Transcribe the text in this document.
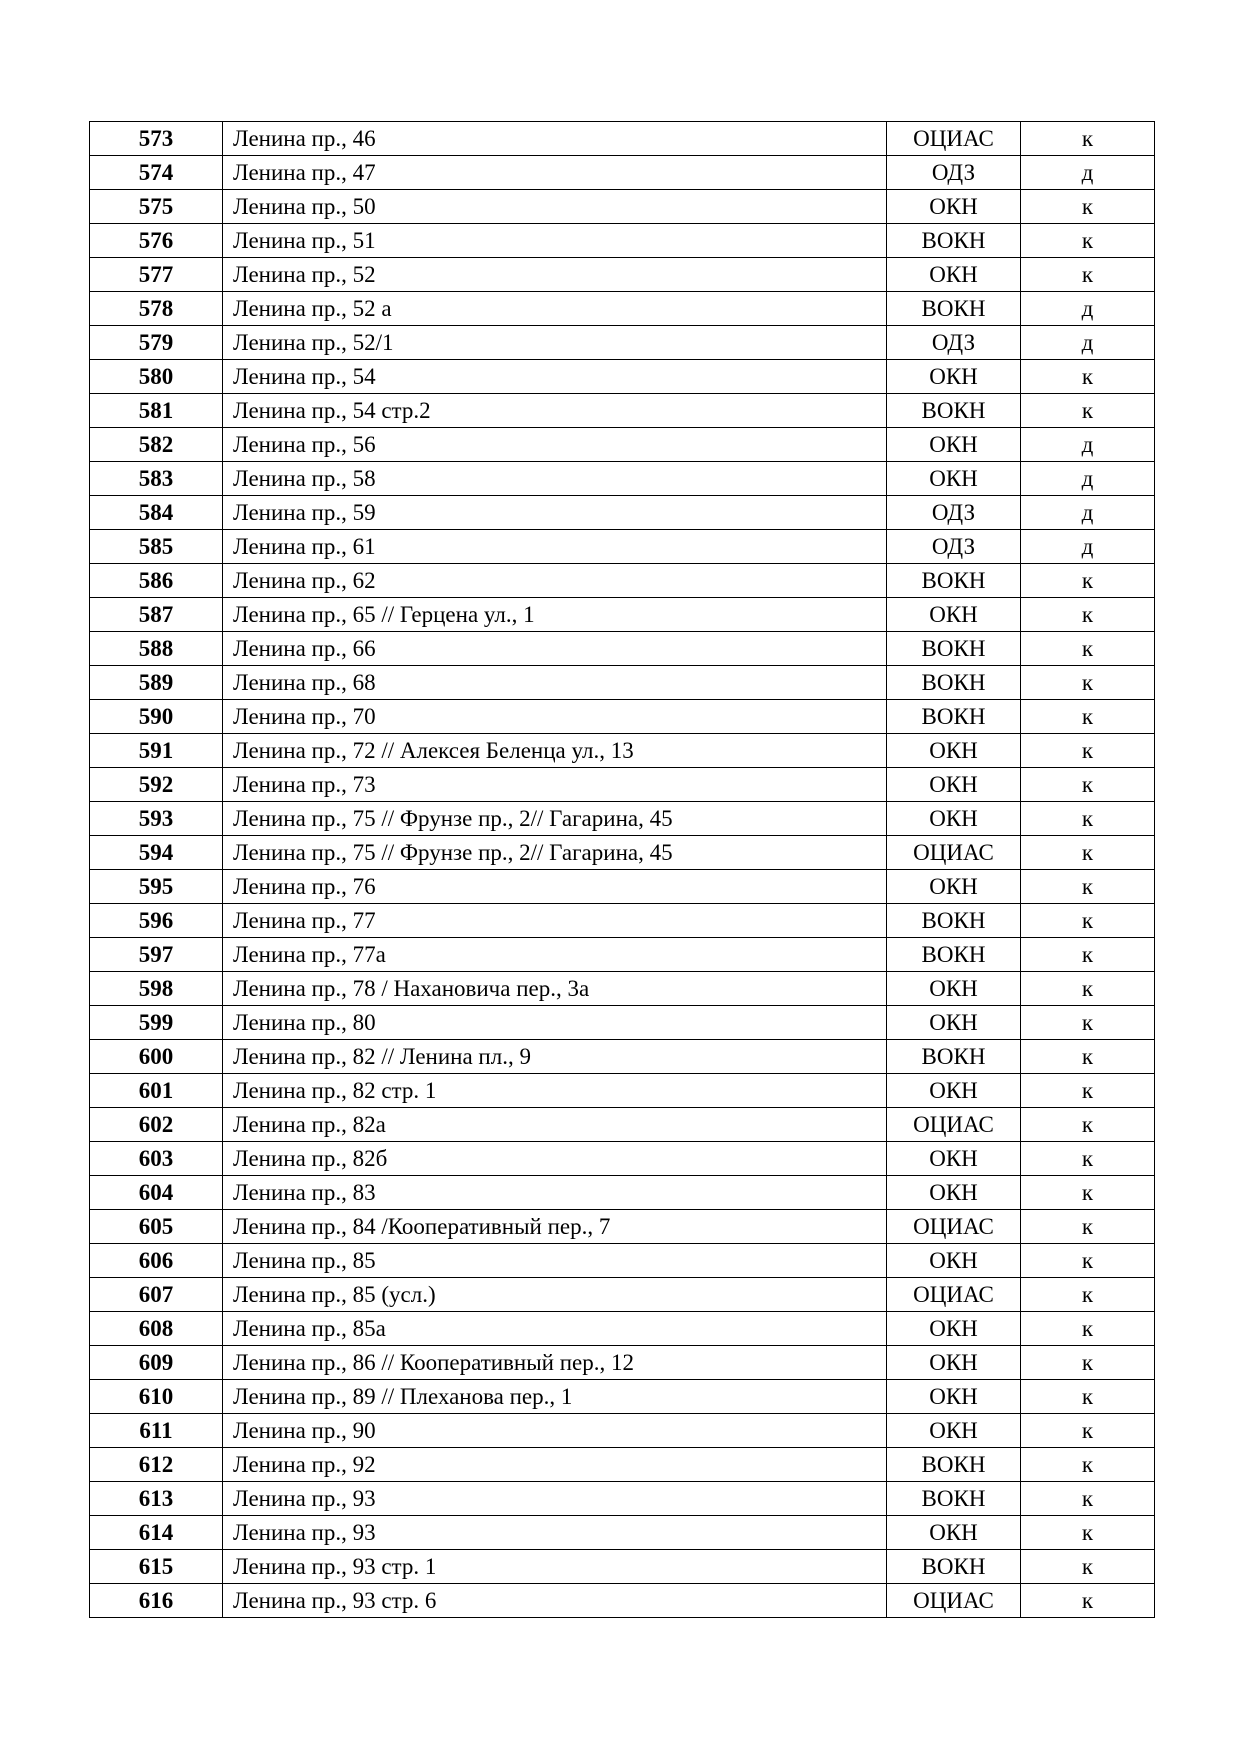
573	Ленина пр., 46	ОЦИАС	к
574	Ленина пр., 47	ОДЗ	д
575	Ленина пр., 50	ОКН	к
576	Ленина пр., 51	ВОКН	к
577	Ленина пр., 52	ОКН	к
578	Ленина пр., 52 а	ВОКН	д
579	Ленина пр., 52/1	ОДЗ	д
580	Ленина пр., 54	ОКН	к
581	Ленина пр., 54 стр.2	ВОКН	к
582	Ленина пр., 56	ОКН	д
583	Ленина пр., 58	ОКН	д
584	Ленина пр., 59	ОДЗ	д
585	Ленина пр., 61	ОДЗ	д
586	Ленина пр., 62	ВОКН	к
587	Ленина пр., 65 // Герцена ул., 1	ОКН	к
588	Ленина пр., 66	ВОКН	к
589	Ленина пр., 68	ВОКН	к
590	Ленина пр., 70	ВОКН	к
591	Ленина пр., 72 // Алексея Беленца ул., 13	ОКН	к
592	Ленина пр., 73	ОКН	к
593	Ленина пр., 75 // Фрунзе пр., 2// Гагарина, 45	ОКН	к
594	Ленина пр., 75 // Фрунзе пр., 2// Гагарина, 45	ОЦИАС	к
595	Ленина пр., 76	ОКН	к
596	Ленина пр., 77	ВОКН	к
597	Ленина пр., 77а	ВОКН	к
598	Ленина пр., 78 / Нахановича пер., 3а	ОКН	к
599	Ленина пр., 80	ОКН	к
600	Ленина пр., 82 // Ленина пл., 9	ВОКН	к
601	Ленина пр., 82 стр. 1	ОКН	к
602	Ленина пр., 82а	ОЦИАС	к
603	Ленина пр., 82б	ОКН	к
604	Ленина пр., 83	ОКН	к
605	Ленина пр., 84 /Кооперативный пер., 7	ОЦИАС	к
606	Ленина пр., 85	ОКН	к
607	Ленина пр., 85 (усл.)	ОЦИАС	к
608	Ленина пр., 85а	ОКН	к
609	Ленина пр., 86 // Кооперативный пер., 12	ОКН	к
610	Ленина пр., 89 // Плеханова пер., 1	ОКН	к
611	Ленина пр., 90	ОКН	к
612	Ленина пр., 92	ВОКН	к
613	Ленина пр., 93	ВОКН	к
614	Ленина пр., 93	ОКН	к
615	Ленина пр., 93 стр. 1	ВОКН	к
616	Ленина пр., 93 стр. 6	ОЦИАС	к
